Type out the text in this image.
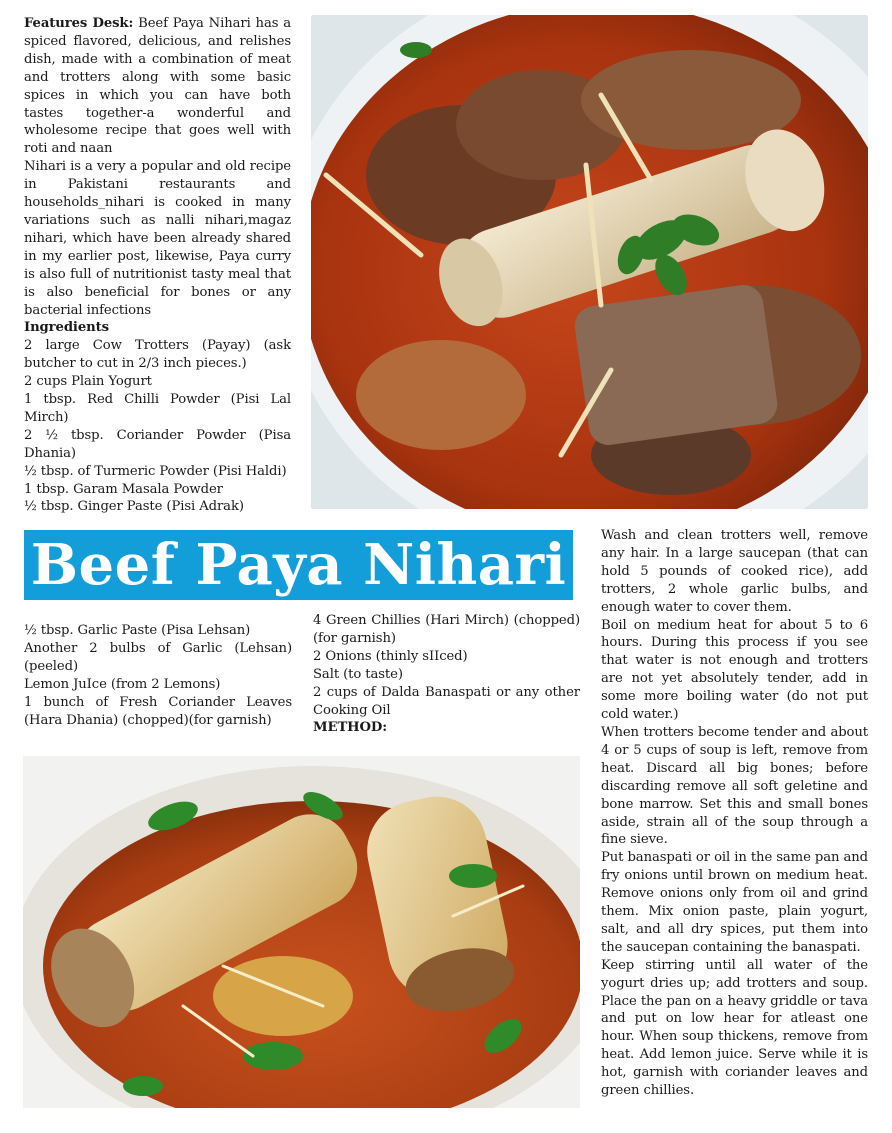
Features Desk: Beef Paya Nihari has a spiced flavored, delicious, and relishes dish, made with a combination of meat and trotters along with some basic spices in which you can have both tastes together-a wonderful and wholesome recipe that goes well with roti and naan

Nihari is a very a popular and old recipe in Pakistani restaurants and households_nihari is cooked in many variations such as nalli nihari,magaz nihari, which have been already shared in my earlier post, likewise, Paya curry is also full of nutritionist tasty meal that is also beneficial for bones or any bacterial infections

Ingredients

2 large Cow Trotters (Payay) (ask butcher to cut in 2/3 inch pieces.)

2 cups Plain Yogurt

1 tbsp. Red Chilli Powder (Pisi Lal Mirch)

2 ½ tbsp. Coriander Powder (Pisa Dhania)

½ tbsp. of Turmeric Powder (Pisi Haldi)

1 tbsp. Garam Masala Powder

½ tbsp. Ginger Paste (Pisi Adrak)

Beef Paya Nihari

½ tbsp. Garlic Paste (Pisa Lehsan)

Another 2 bulbs of Garlic (Lehsan) (peeled)

Lemon JuIce (from 2 Lemons)

1 bunch of Fresh Coriander Leaves (Hara Dhania) (chopped)(for garnish)

4 Green Chillies (Hari Mirch) (chopped) (for garnish)

2 Onions (thinly sIIced)

Salt (to taste)

2 cups of Dalda Banaspati or any other Cooking Oil

METHOD:

Wash and clean trotters well, remove any hair. In a large saucepan (that can hold 5 pounds of cooked rice), add trotters, 2 whole garlic bulbs, and enough water to cover them.

Boil on medium heat for about 5 to 6 hours. During this process if you see that water is not enough and trotters are not yet absolutely tender, add in some more boiling water (do not put cold water.)

When trotters become tender and about 4 or 5 cups of soup is left, remove from heat. Discard all big bones; before discarding remove all soft geletine and bone marrow. Set this and small bones aside, strain all of the soup through a fine sieve.

Put banaspati or oil in the same pan and fry onions until brown on medium heat. Remove onions only from oil and grind them. Mix onion paste, plain yogurt, salt, and all dry spices, put them into the saucepan containing the banaspati.

Keep stirring until all water of the yogurt dries up; add trotters and soup. Place the pan on a heavy griddle or tava and put on low hear for atleast one hour. When soup thickens, remove from heat. Add lemon juice. Serve while it is hot, garnish with coriander leaves and green chillies.
